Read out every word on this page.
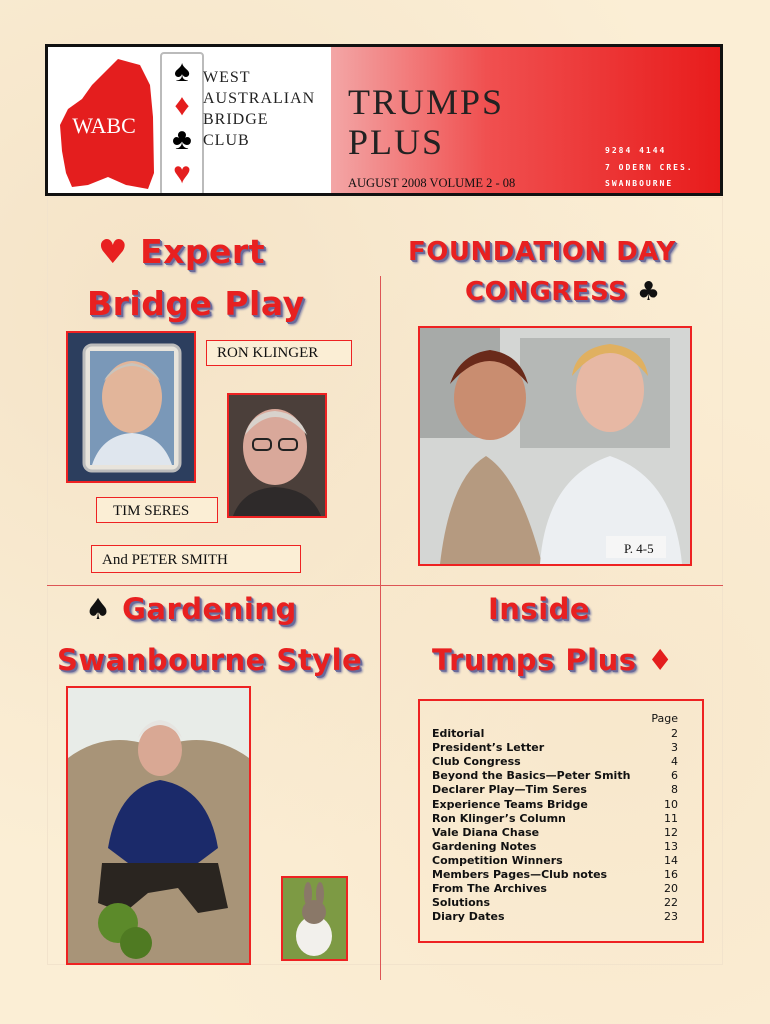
WABC
♠
♦
♣
♥
WEST
AUSTRALIAN
BRIDGE
CLUB
TRUMPS
PLUS
AUGUST 2008 VOLUME 2 - 08
9284 4144
7 ODERN CRES.
SWANBOURNE
♥ Expert
Bridge Play
RON KLINGER
TIM SERES
And PETER SMITH
FOUNDATION DAY
CONGRESS ♣
P. 4-5
♠ Gardening
Swanbourne Style
Inside
Trumps Plus ♦
Page
Editorial	2
President’s Letter	3
Club Congress	4
Beyond the Basics—Peter Smith	6
Declarer Play—Tim Seres	8
Experience Teams Bridge	10
Ron Klinger’s Column	11
Vale Diana Chase	12
Gardening Notes	13
Competition Winners	14
Members Pages—Club notes	16
From The Archives	20
Solutions	22
Diary Dates	23
